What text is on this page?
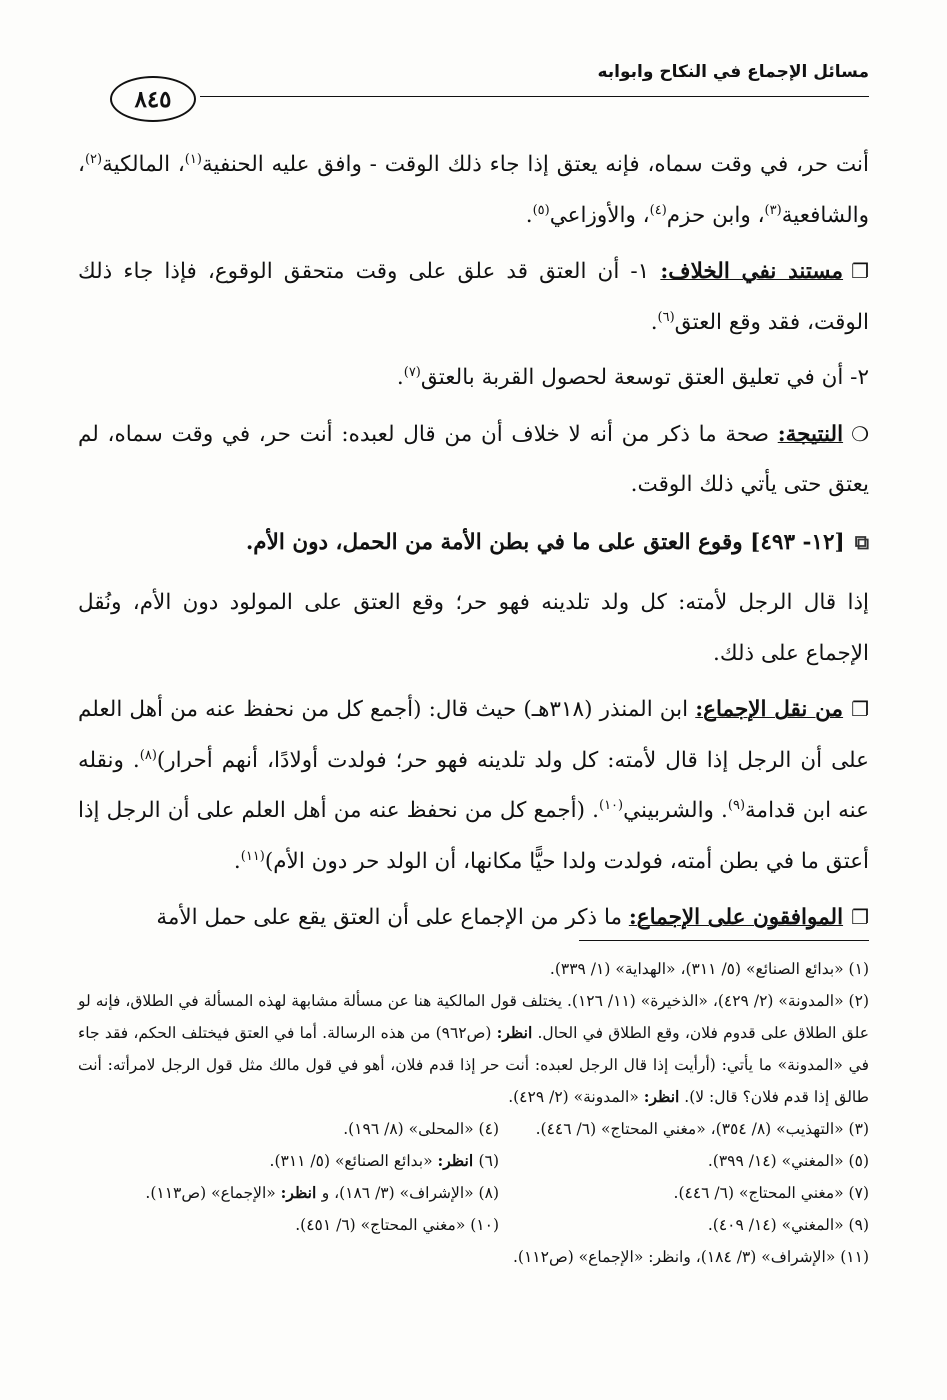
مسائل الإجماع في النكاح وابوابه
٨٤٥

أنت حر، في وقت سماه، فإنه يعتق إذا جاء ذلك الوقت - وافق عليه الحنفية$^{(١)}$، المالكية$^{(٢)}$، والشافعية$^{(٣)}$، وابن حزم$^{(٤)}$، والأوزاعي$^{(٥)}$.

❐مستند نفي الخلاف: ١- أن العتق قد علق على وقت متحقق الوقوع، فإذا جاء ذلك الوقت، فقد وقع العتق$^{(٦)}$.

٢- أن في تعليق العتق توسعة لحصول القربة بالعتق$^{(٧)}$.

❍النتيجة: صحة ما ذكر من أنه لا خلاف أن من قال لعبده: أنت حر، في وقت سماه، لم يعتق حتى يأتي ذلك الوقت.

⧉[١٢- ٤٩٣] وقوع العتق على ما في بطن الأمة من الحمل، دون الأم.

إذا قال الرجل لأمته: كل ولد تلدينه فهو حر؛ وقع العتق على المولود دون الأم، ونُقل الإجماع على ذلك.

❐من نقل الإجماع: ابن المنذر (٣١٨هـ) حيث قال: (أجمع كل من نحفظ عنه من أهل العلم على أن الرجل إذا قال لأمته: كل ولد تلدينه فهو حر؛ فولدت أولادًا، أنهم أحرار)$^{(٨)}$. ونقله عنه ابن قدامة$^{(٩)}$. والشربيني$^{(١٠)}$. (أجمع كل من نحفظ عنه من أهل العلم على أن الرجل إذا أعتق ما في بطن أمته، فولدت ولدا حيًّا مكانها، أن الولد حر دون الأم)$^{(١١)}$.

❐الموافقون على الإجماع: ما ذكر من الإجماع على أن العتق يقع على حمل الأمة

(١) «بدائع الصنائع» (٥/ ٣١١)، «الهداية» (١/ ٣٣٩).

(٢) «المدونة» (٢/ ٤٢٩)، «الذخيرة» (١١/ ١٢٦). يختلف قول المالكية هنا عن مسألة مشابهة لهذه المسألة في الطلاق، فإنه لو علق الطلاق على قدوم فلان، وقع الطلاق في الحال. انظر: (ص٩٦٢) من هذه الرسالة. أما في العتق فيختلف الحكم، فقد جاء في «المدونة» ما يأتي: (أرأيت إذا قال الرجل لعبده: أنت حر إذا قدم فلان، أهو في قول مالك مثل قول الرجل لامرأته: أنت طالق إذا قدم فلان؟ قال: لا). انظر: «المدونة» (٢/ ٤٢٩).

(٣) «التهذيب» (٨/ ٣٥٤)، «مغني المحتاج» (٦/ ٤٤٦).
(٤) «المحلى» (٨/ ١٩٦).
(٥) «المغني» (١٤/ ٣٩٩).
(٦) انظر: «بدائع الصنائع» (٥/ ٣١١).
(٧) «مغني المحتاج» (٦/ ٤٤٦).
(٨) «الإشراف» (٣/ ١٨٦)، و انظر: «الإجماع» (ص١١٣).
(٩) «المغني» (١٤/ ٤٠٩).
(١٠) «مغني المحتاج» (٦/ ٤٥١).

(١١) «الإشراف» (٣/ ١٨٤)، وانظر: «الإجماع» (ص١١٢).
